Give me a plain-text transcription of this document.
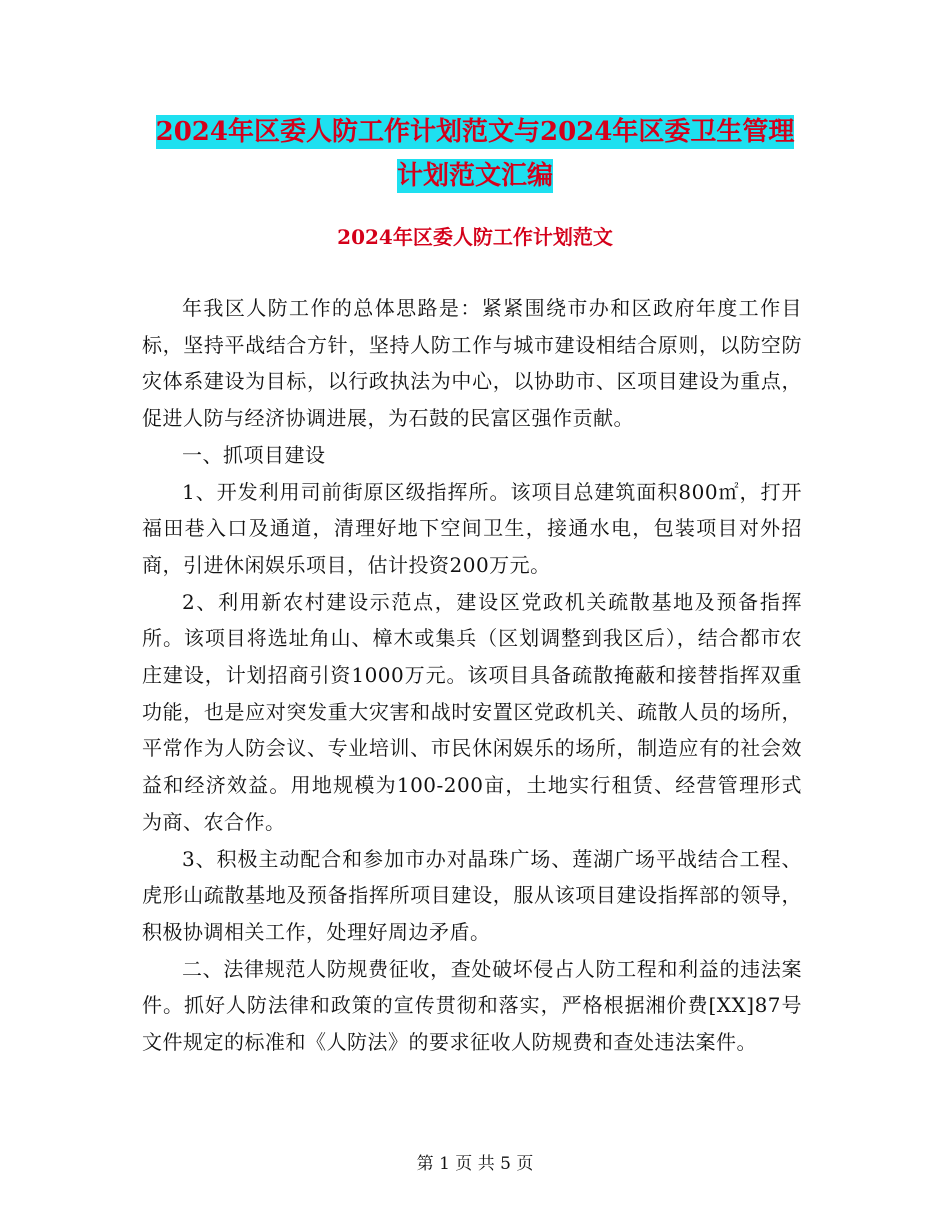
2024年区委人防工作计划范文与2024年区委卫生管理
计划范文汇编
2024年区委人防工作计划范文

年我区人防工作的总体思路是：紧紧围绕市办和区政府年度工作目标，坚持平战结合方针，坚持人防工作与城市建设相结合原则，以防空防灾体系建设为目标，以行政执法为中心，以协助市、区项目建设为重点，促进人防与经济协调进展，为石鼓的民富区强作贡献。

一、抓项目建设

1、开发利用司前街原区级指挥所。该项目总建筑面积800㎡，打开福田巷入口及通道，清理好地下空间卫生，接通水电，包装项目对外招商，引进休闲娱乐项目，估计投资200万元。

2、利用新农村建设示范点，建设区党政机关疏散基地及预备指挥所。该项目将选址角山、樟木或集兵（区划调整到我区后），结合都市农庄建设，计划招商引资1000万元。该项目具备疏散掩蔽和接替指挥双重功能，也是应对突发重大灾害和战时安置区党政机关、疏散人员的场所，平常作为人防会议、专业培训、市民休闲娱乐的场所，制造应有的社会效益和经济效益。用地规模为100-200亩，土地实行租赁、经营管理形式为商、农合作。

3、积极主动配合和参加市办对晶珠广场、莲湖广场平战结合工程、虎形山疏散基地及预备指挥所项目建设，服从该项目建设指挥部的领导，积极协调相关工作，处理好周边矛盾。

二、法律规范人防规费征收，查处破坏侵占人防工程和利益的违法案件。抓好人防法律和政策的宣传贯彻和落实，严格根据湘价费[XX]87号文件规定的标准和《人防法》的要求征收人防规费和查处违法案件。

第 1 页 共 5 页
